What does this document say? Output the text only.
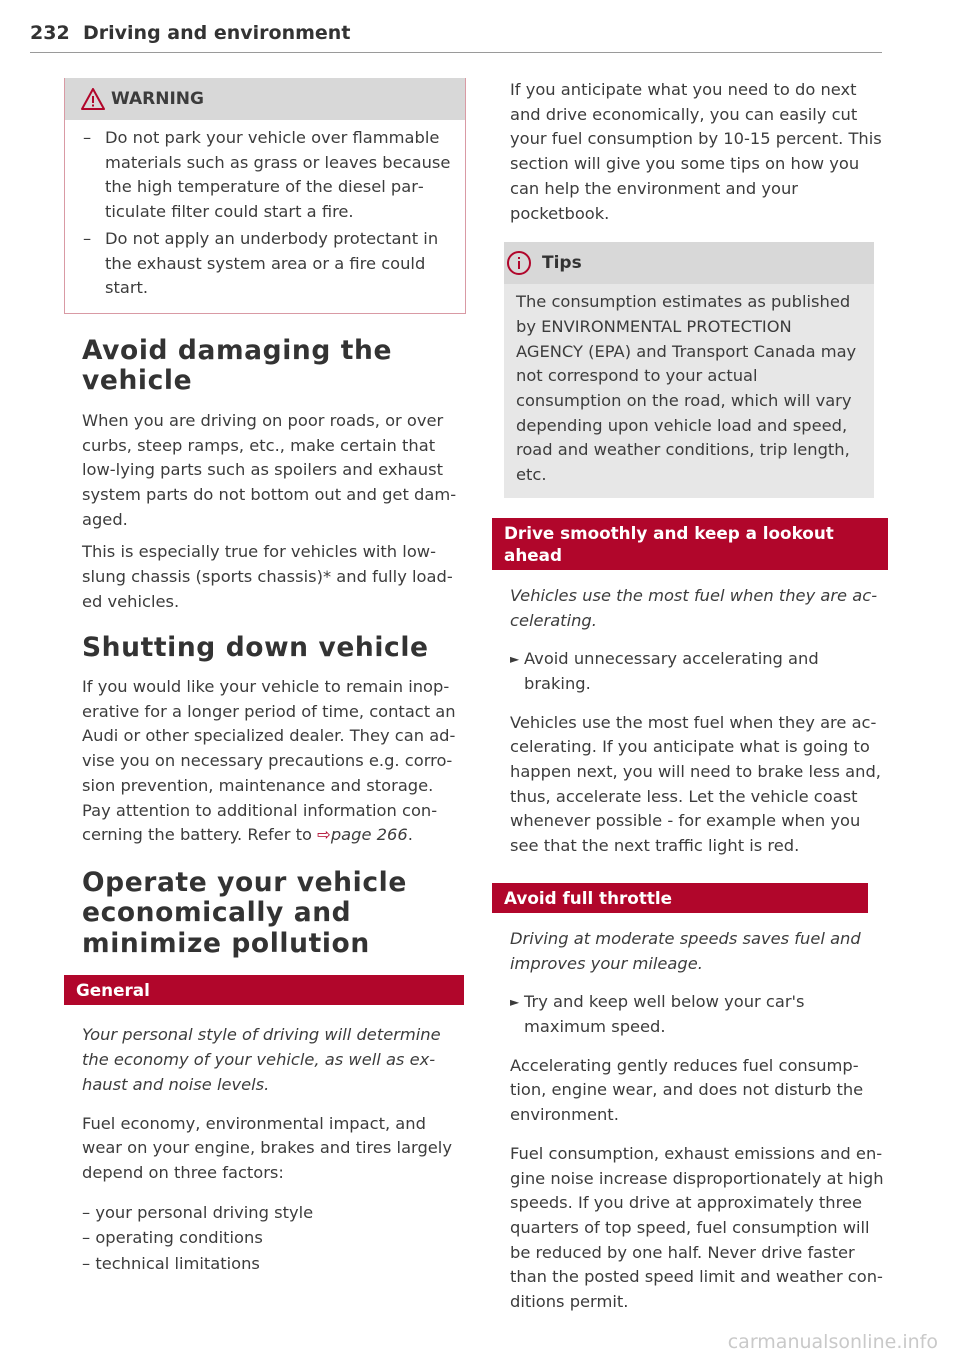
232 Driving and environment
WARNING
– Do not park your vehicle over flammable materials such as grass or leaves because the high temperature of the diesel particulate filter could start a fire.
– Do not apply an underbody protectant in the exhaust system area or a fire could start.
Avoid damaging the vehicle

When you are driving on poor roads, or over curbs, steep ramps, etc., make certain that low-lying parts such as spoilers and exhaust system parts do not bottom out and get damaged.

This is especially true for vehicles with lowslung chassis (sports chassis)* and fully loaded vehicles.

Shutting down vehicle

If you would like your vehicle to remain inoperative for a longer period of time, contact an Audi or other specialized dealer. They can advise you on necessary precautions e.g. corrosion prevention, maintenance and storage. Pay attention to additional information concerning the battery. Refer to ⇨page 266.

Operate your vehicle economically and minimize pollution
General

Your personal style of driving will determine the economy of your vehicle, as well as exhaust and noise levels.

Fuel economy, environmental impact, and wear on your engine, brakes and tires largely depend on three factors:

– your personal driving style
– operating conditions
– technical limitations

If you anticipate what you need to do next and drive economically, you can easily cut your fuel consumption by 10-15 percent. This section will give you some tips on how you can help the environment and your pocketbook.

Tips

The consumption estimates as published by ENVIRONMENTAL PROTECTION AGENCY (EPA) and Transport Canada may not correspond to your actual consumption on the road, which will vary depending upon vehicle load and speed, road and weather conditions, trip length, etc.

Drive smoothly and keep a lookout ahead

Vehicles use the most fuel when they are accelerating.

► Avoid unnecessary accelerating and braking.

Vehicles use the most fuel when they are accelerating. If you anticipate what is going to happen next, you will need to brake less and, thus, accelerate less. Let the vehicle coast whenever possible - for example when you see that the next traffic light is red.

Avoid full throttle

Driving at moderate speeds saves fuel and improves your mileage.

► Try and keep well below your car's maximum speed.

Accelerating gently reduces fuel consumption, engine wear, and does not disturb the environment.

Fuel consumption, exhaust emissions and engine noise increase disproportionately at high speeds. If you drive at approximately three quarters of top speed, fuel consumption will be reduced by one half. Never drive faster than the posted speed limit and weather conditions permit.

carmanualsonline.info
